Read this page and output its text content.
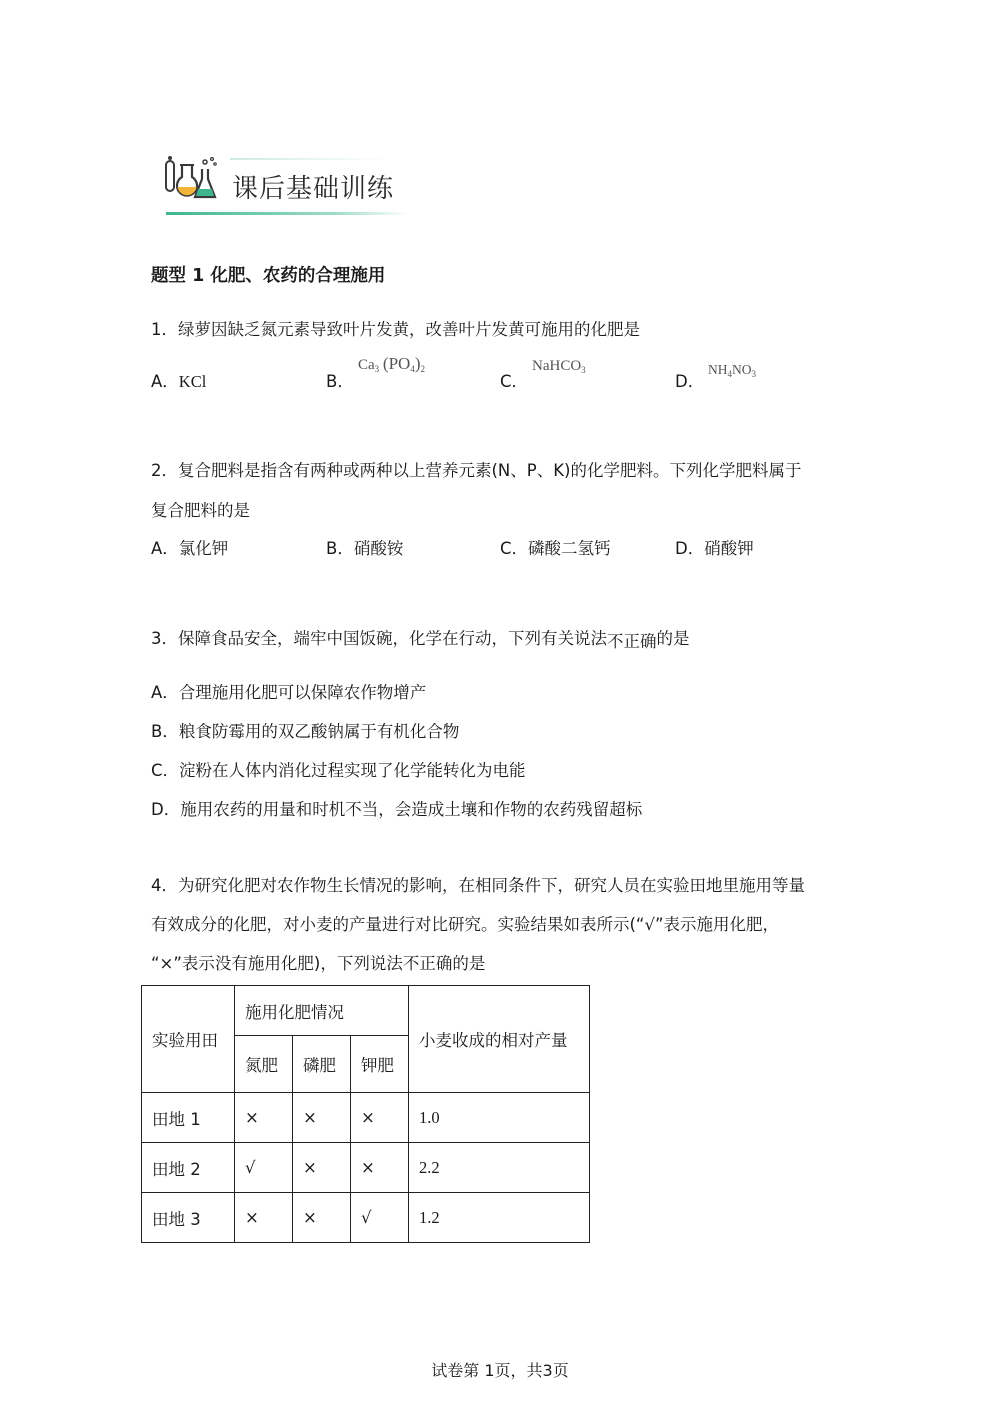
课后基础训练
题型 1 化肥、农药的合理施用
1．绿萝因缺乏氮元素导致叶片发黄，改善叶片发黄可施用的化肥是
A．KCl	B．
$Ca_3$ $(PO_4)_2$
C．
NaHCO$_3$
D．
$NH_4NO_3$
2．复合肥料是指含有两种或两种以上营养元素(N、P、K)的化学肥料。下列化学肥料属于
复合肥料的是
A．氯化钾	B．硝酸铵	C．磷酸二氢钙	D．硝酸钾
3．保障食品安全，端牢中国饭碗，化学在行动，下列有关说法不正确的是
A．合理施用化肥可以保障农作物增产
B．粮食防霉用的双乙酸钠属于有机化合物
C．淀粉在人体内消化过程实现了化学能转化为电能
D．施用农药的用量和时机不当，会造成土壤和作物的农药残留超标
4．为研究化肥对农作物生长情况的影响，在相同条件下，研究人员在实验田地里施用等量
有效成分的化肥，对小麦的产量进行对比研究。实验结果如表所示(“√”表示施用化肥，
“×”表示没有施用化肥)，下列说法不正确的是
实验用田	施用化肥情况			小麦收成的相对产量
	氮肥	磷肥	钾肥	
田地 1	×	×	×	1.0
田地 2	√	×	×	2.2
田地 3	×	×	√	1.2
试卷第 1页，共3页
